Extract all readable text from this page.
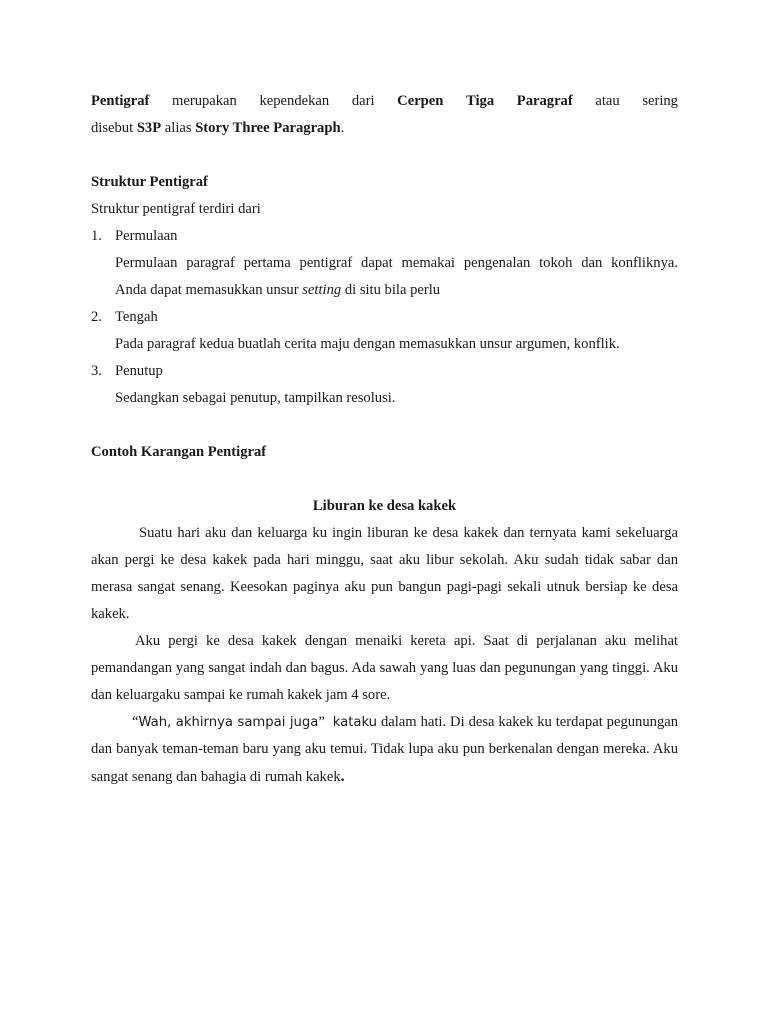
Pentigraf merupakan kependekan dari Cerpen Tiga Paragraf atau sering

disebut S3P alias Story Three Paragraph.

Struktur Pentigraf

Struktur pentigraf terdiri dari

1. Permulaan

Permulaan paragraf pertama pentigraf dapat memakai pengenalan tokoh dan konfliknya.

Anda dapat memasukkan unsur setting di situ bila perlu

2. Tengah

Pada paragraf kedua buatlah cerita maju dengan memasukkan unsur argumen, konflik.

3. Penutup

Sedangkan sebagai penutup, tampilkan resolusi.

Contoh Karangan Pentigraf

Liburan ke desa kakek

Suatu hari aku dan keluarga ku ingin liburan ke desa kakek dan ternyata kami sekeluarga akan pergi ke desa kakek pada hari minggu, saat aku libur sekolah. Aku sudah tidak sabar dan merasa sangat senang. Keesokan paginya aku pun bangun pagi-pagi sekali utnuk bersiap ke desa kakek.

Aku pergi ke desa kakek dengan menaiki kereta api. Saat di perjalanan aku melihat pemandangan yang sangat indah dan bagus. Ada sawah yang luas dan pegunungan yang tinggi. Aku dan keluargaku sampai ke rumah kakek jam 4 sore.

“Wah, akhirnya sampai juga” kataku dalam hati. Di desa kakek ku terdapat pegunungan dan banyak teman-teman baru yang aku temui. Tidak lupa aku pun berkenalan dengan mereka. Aku sangat senang dan bahagia di rumah kakek.
